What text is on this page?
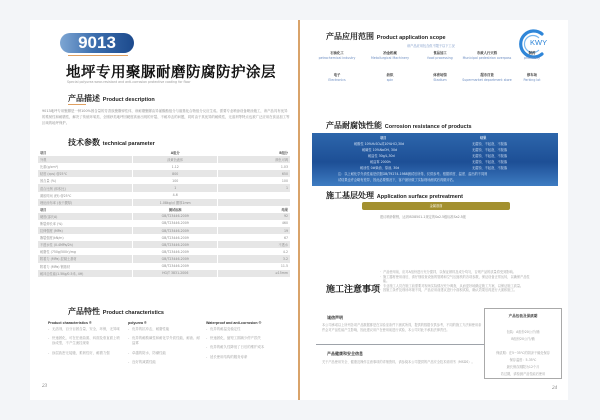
9013
地坪专用聚脲耐磨防腐防护涂层
Special polyurea wear-resistant and anti-corrosion protective coating for floor
产品描述 Product description
9013地坪专用聚脲是一种100%固含量的芳香族聚脲弹性体，该耐磨聚脲由异氰酸酯组分与胺基化合物组分反应生成。需要专业喷涂设备喷涂施工，该产品具有优异的柔韧性和耐磨性，解决了传统环氧类、全刚砂类地坪因硬度高而出现的开裂、不耐冲击的问题，同时由于其优异的耐候性，无溶剂等特点也被广泛应用在食品加工等区域的地坪保护。
技术参数 technical parameter
项目	A组分	B组分
外观	淡黄色液体	颜色可调
比重(g/cm³)	1.12	1.03
粘度 (cps) @25℃	800	650
固含量 (%)	100	100
混合比例 (体积比)	1	1
凝胶时间 (秒) @25℃	4-6	
理论涂布率 (表干膜厚)	1.08kg/㎡ 膜厚1mm	
项目	测试标准	结果
硬度(邵氏A)	GB/T23446-2009	92
断裂伸长率 (%)	GB/T23446-2009	460
拉伸强度 (MPa)	GB/T23446-2009	19
撕裂强度(kN/m)	GB/T23446-2009	67
不透水性 (0.4MPa/2h)	GB/T23446-2009	不透水
耐磨性 (750g/500r)/mg	GB/T23446-2009	4.2
附着力 (MPa) 混凝土基材	GB/T23446-2009	3.2
附着力 (MPa) 钢基材	GB/T23446-2009	11.5
耐冲击性能(1.5Kg/0.5米, 4H)	HG/T 3831-2006	≥15mm
产品特性 Product characteristics
Product characteristics ®
- 无溶剂，百分百固含量，安全，环保，无异味
- 快速固化，可在任意曲面、斜面及垂直面上喷涂成型，不产生流挂现象
- 涂层致密无接缝，柔韧性好，耐磨力强
polyurea ®
- 优异的抗冲击，耐磨性能
- 优异的耐酸碱性和耐化学介质性能，耐油、耐盐雾
- 卓越的防水，防潮性能
- 良好的减震性能
Waterproof and anti-corrosion ®
- 优异的耐温变稳定性
- 快速固化，缩短工期减少停产损失
- 优异的耐久性降低了日后的维护成本
- 延长使用结构的服务寿命
23
KWY
产品应用范围 Product application scope
该产品应用包含但不限于以下工况
石油化工
petrochemical industry
冶金机械
Metallurgical Machinery
食品加工
food processing
市政人行天桥
Municipal pedestrian overpass
制药
pharmacy
电子
Electronics
纺织
spin
体育场馆
Stadium
超市百货
Supermarket department store
停车场
Parking lot
产品耐腐蚀性能 Corrosion resistance of products
项目	结果
耐酸性 10%H₂SO₄或10%HCl,30d	无腐蚀、不起泡、不脱落
耐碱性 10%NaOH, 30d	无腐蚀、不起泡、不脱落
耐盐性 30g/L,30d	无腐蚀、不起泡、不脱落
耐盐雾 2000h	无腐蚀、不起泡、不脱落
耐油性 0#柴油、原油, 30d	无腐蚀、不起泡、不脱落
注：以上耐化学介质性能是依据GB/T9274-1988测试后所得，仅供参考。根据浓度、温度、溢出的不同则
试结果也许会略有差异，因此必要情况下，客户最好做了实际现场测试后再做评估。
施工基层处理 Application surface pretreatment
金属基面
建议喷砂除锈，达到ISO8501-1规定的Sa2.5级标准Sa2.5级
施工注意事项
· 产品使用前，应对A组份进行充分搅拌，以保证颜料及成分均匀，否则产品的质量将受到影响。
· 施工器材使用前后，请仔细检查设备的管路和空气压缩机的各项参数，保证设备正常运转，以确保产品性能。
· 专业施工人员在施工前需要对现场实际情况充分调查，从而更好地确定施工方案，以保证施工质量。
· 因施工条件及现场环境不同，产品应用前建议进行小面积试验，确认效果后再进行大面积施工。
诚信声明
本公司承诺以上所列各项产品数据都是在实验室条件下测试所得，提供的数据仅供参考，不同的施工方法和使用条件会对产品性能产生影响，因此建议用户在使用前进行试验，本公司对此不承担法律责任。
产品健康和安全信息
关于产品使用安全、健康及操作注意事项的详细资料，请参阅本公司提供的产品安全技术说明书（MSDS）。
产品包装及保质期
包装：A组份20公斤/桶
B组份20公斤/桶
保质期：在5~35℃的阴凉干燥处保存
保存温度：5-35℃
最长保存期限为12个月
若过期，请检测产品性能后使用
24
